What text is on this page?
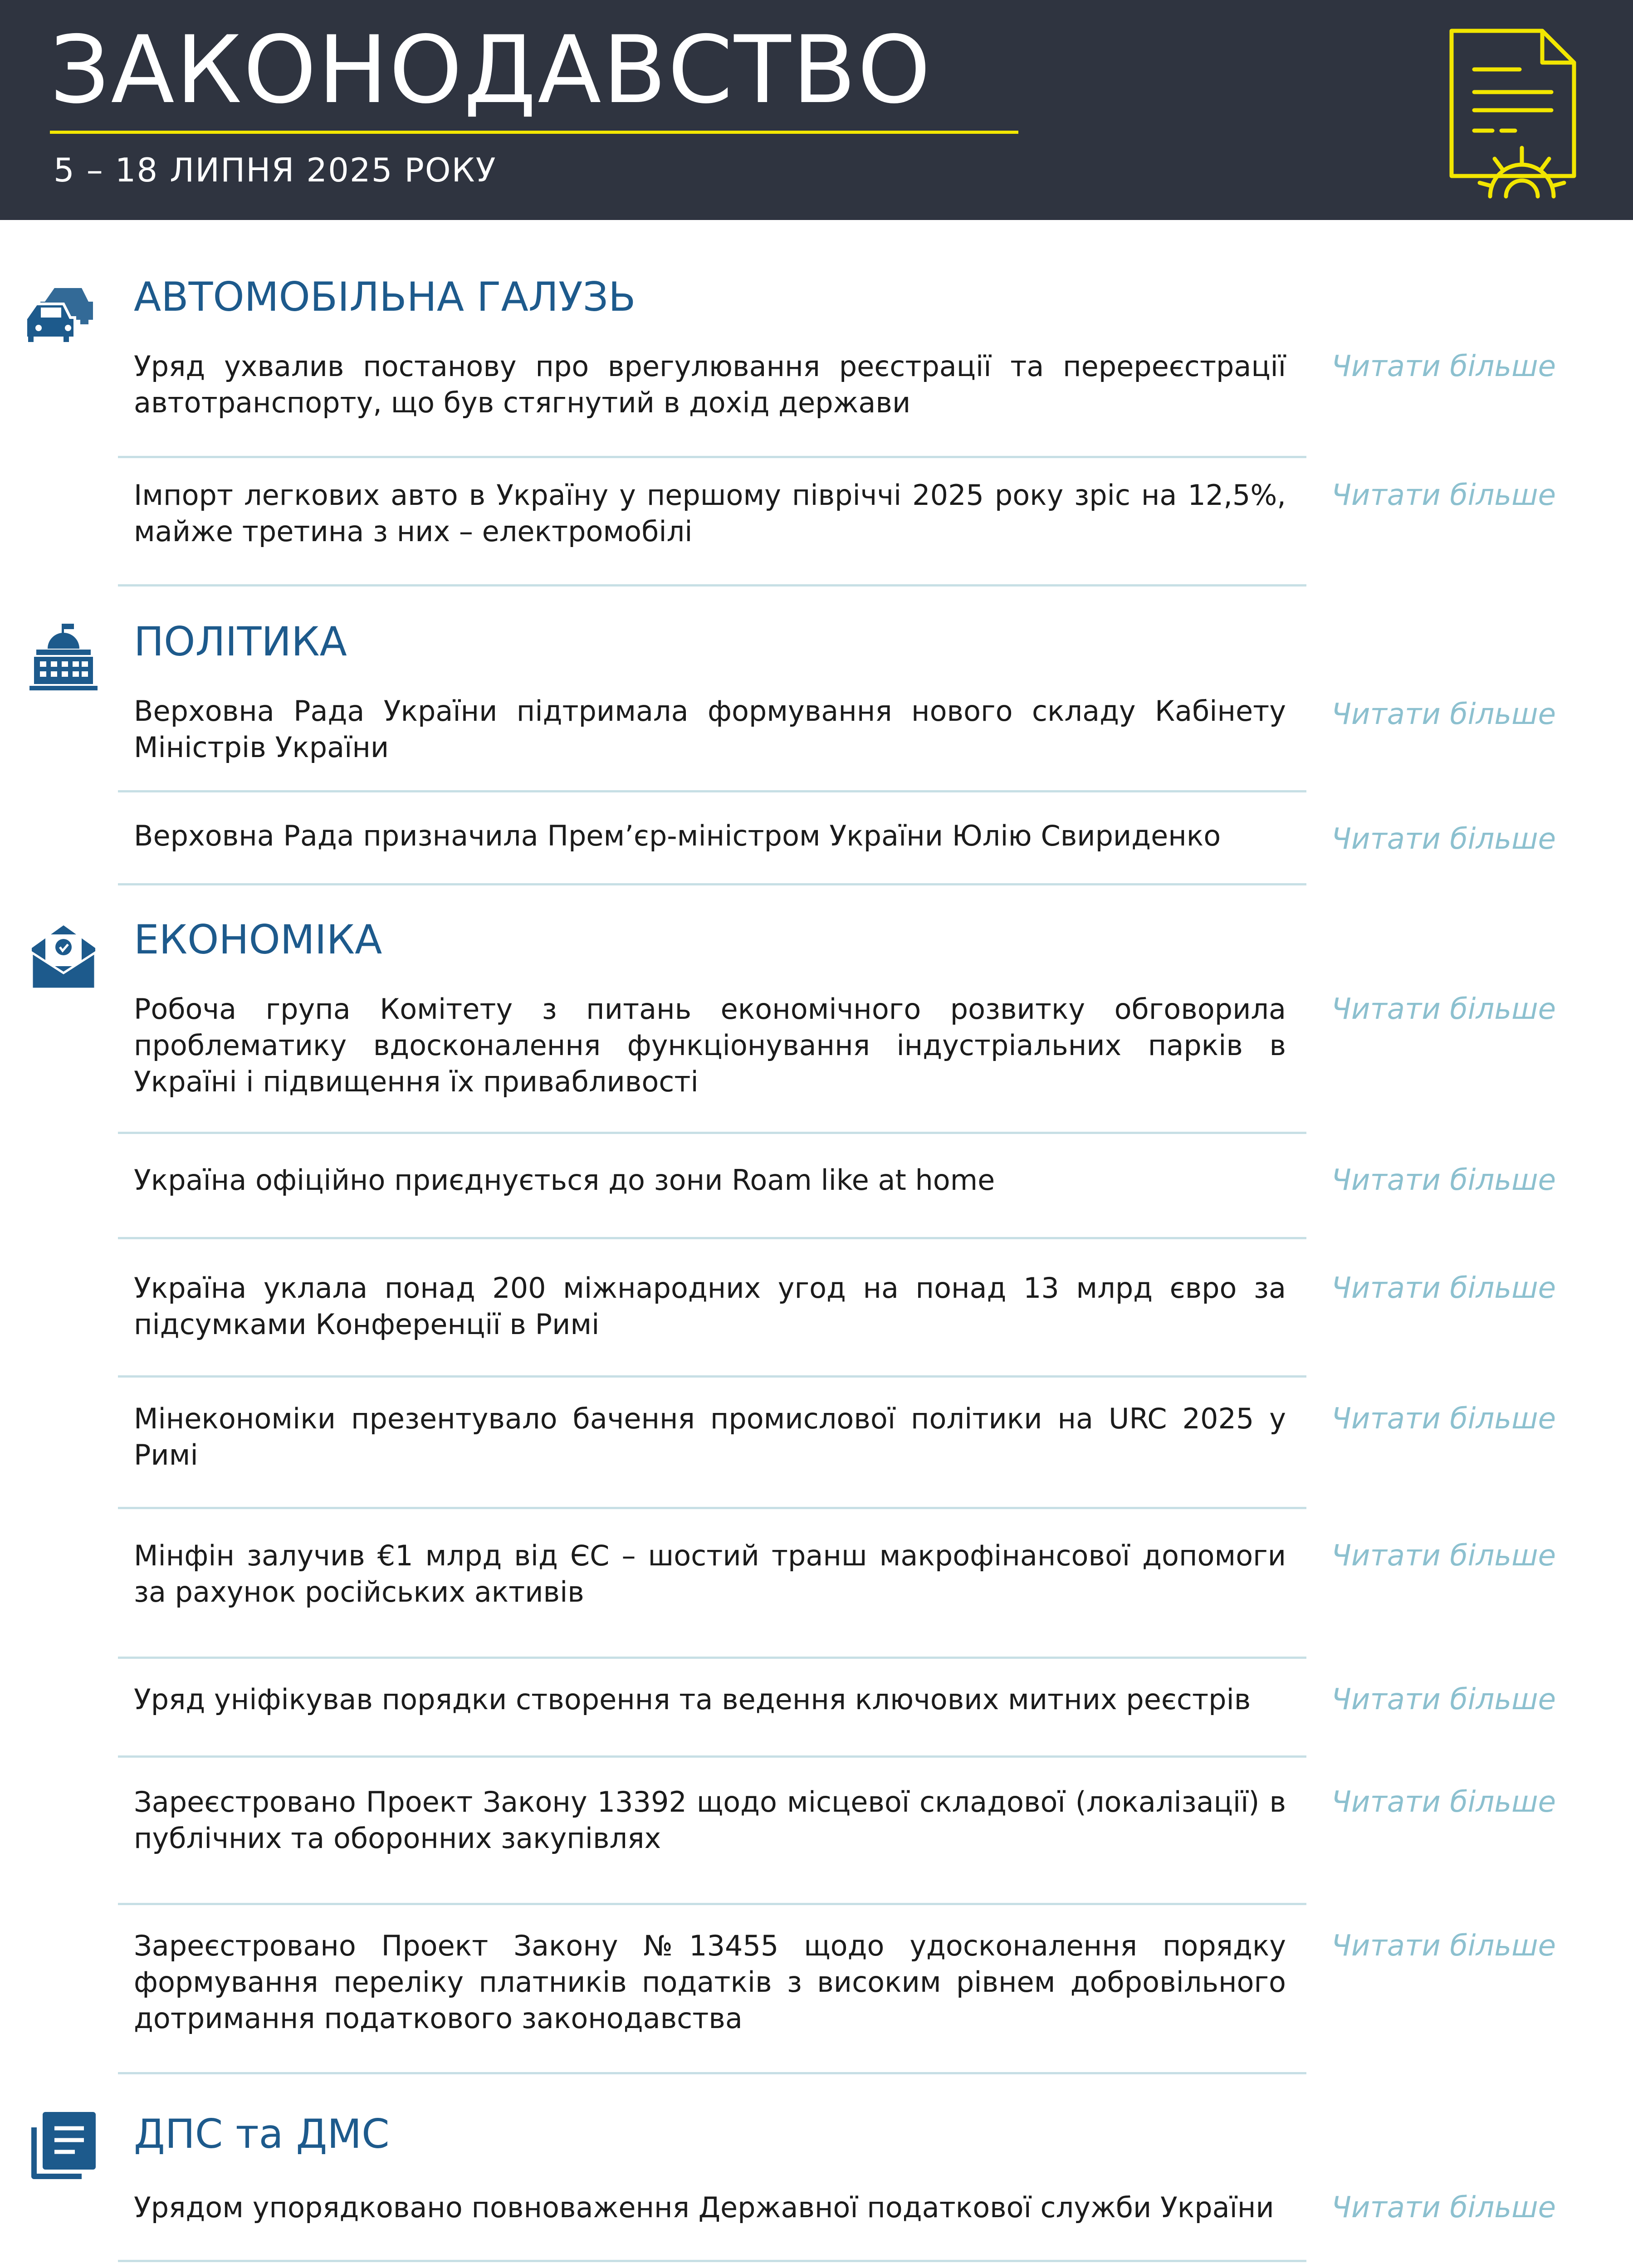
ЗАКОНОДАВСТВО
5 – 18 ЛИПНЯ 2025 РОКУ
АВТОМОБІЛЬНА ГАЛУЗЬ
Уряд ухвалив постанову про врегулювання реєстрації та перереєстрації автотранспорту, що був стягнутий в дохід держави
Читати більше
Імпорт легкових авто в Україну у першому півріччі 2025 року зріс на 12,5%, майже третина з них – електромобілі
Читати більше
ПОЛІТИКА
Верховна Рада України підтримала формування нового складу Кабінету Міністрів України
Читати більше
Верховна Рада призначила Прем’єр-міністром України Юлію Свириденко	Читати більше
ЕКОНОМІКА
Робоча група Комітету з питань економічного розвитку обговорила проблематику вдосконалення функціонування індустріальних парків в Україні і підвищення їх привабливості
Читати більше
Україна офіційно приєднується до зони Roam like at home	Читати більше
Україна уклала понад 200 міжнародних угод на понад 13 млрд євро за підсумками Конференції в Римі
Читати більше
Мінекономіки презентувало бачення промислової політики на URC 2025 у Римі
Читати більше
Мінфін залучив €1 млрд від ЄС – шостий транш макрофінансової допомоги за рахунок російських активів
Читати більше
Уряд уніфікував порядки створення та ведення ключових митних реєстрів	Читати більше
Зареєстровано Проект Закону 13392 щодо місцевої складової (локалізації) в публічних та оборонних закупівлях
Читати більше
Зареєстровано Проект Закону №13455 щодо удосконалення порядку формування переліку платників податків з високим рівнем добровільного дотримання податкового законодавства
Читати більше
ДПС та ДМС
Урядом упорядковано повноваження Державної податкової служби України	Читати більше
